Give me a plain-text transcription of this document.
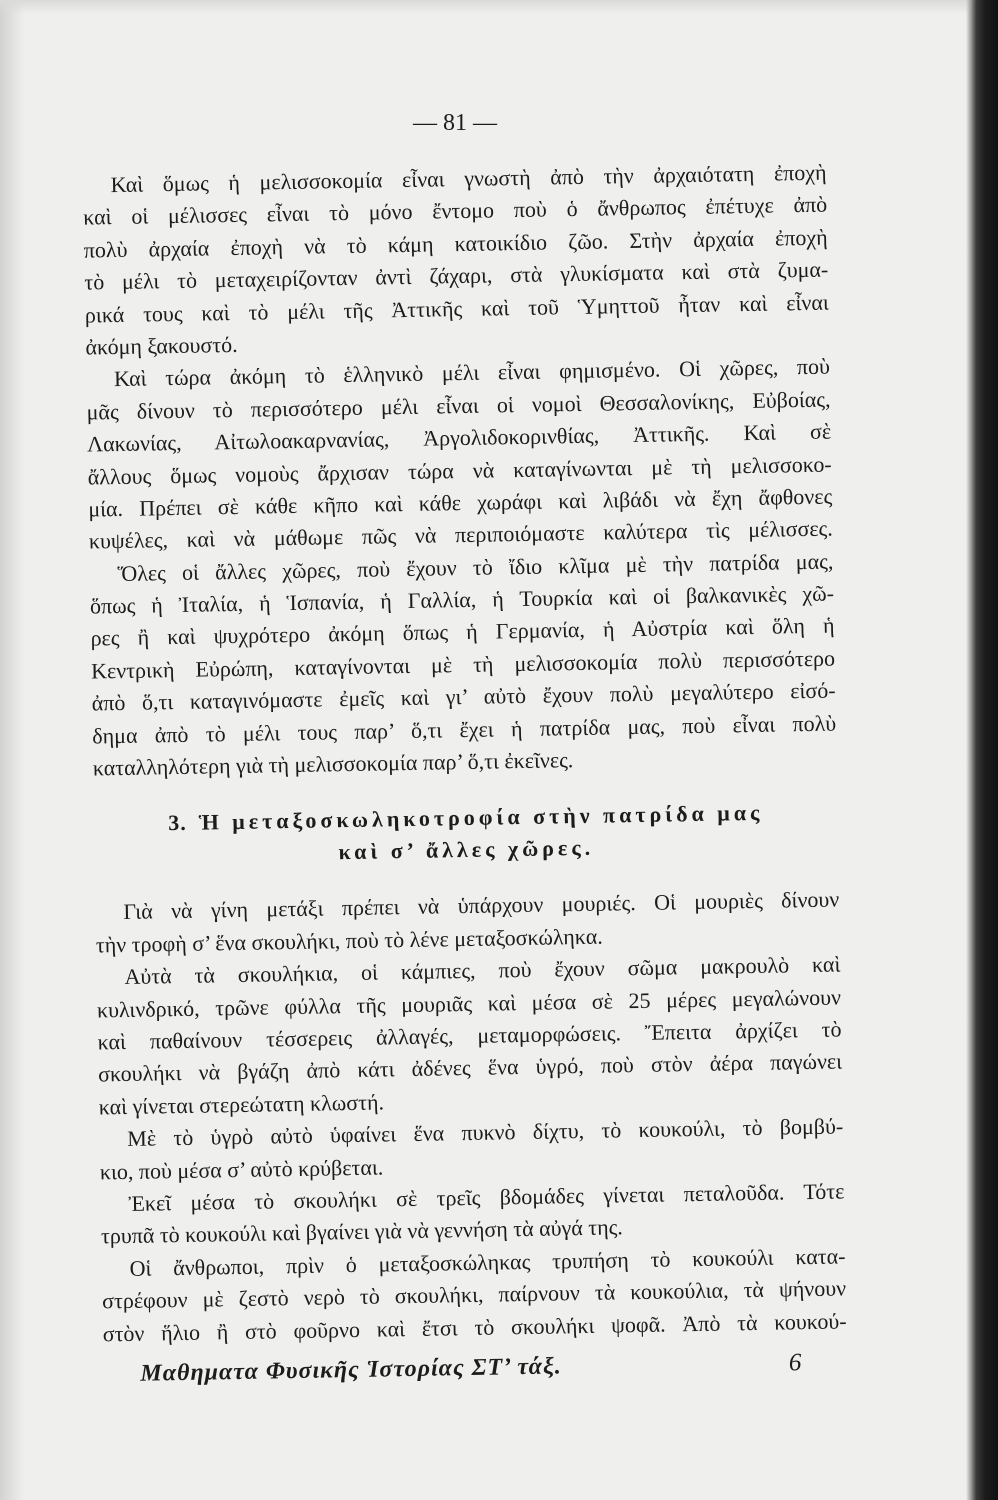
— 81 —
Καὶ ὅμως ἡ μελισσοκομία εἶναι γνωστὴ ἀπὸ τὴν ἀρχαιότατη ἐποχὴ
καὶ οἱ μέλισσες εἶναι τὸ μόνο ἔντομο ποὺ ὁ ἄνθρωπος ἐπέτυχε ἀπὸ
πολὺ ἀρχαία ἐποχὴ νὰ τὸ κάμη κατοικίδιο ζῶο. Στὴν ἀρχαία ἐποχὴ
τὸ μέλι τὸ μεταχειρίζονταν ἀντὶ ζάχαρι, στὰ γλυκίσματα καὶ στὰ ζυμα-
ρικά τους καὶ τὸ μέλι τῆς Ἀττικῆς καὶ τοῦ Ὑμηττοῦ ἦταν καὶ εἶναι
ἀκόμη ξακουστό.
Καὶ τώρα ἀκόμη τὸ ἑλληνικὸ μέλι εἶναι φημισμένο. Οἱ χῶρες, ποὺ
μᾶς δίνουν τὸ περισσότερο μέλι εἶναι οἱ νομοὶ Θεσσαλονίκης, Εὐβοίας,
Λακωνίας, Αἰτωλοακαρνανίας, Ἀργολιδοκορινθίας, Ἀττικῆς. Καὶ σὲ
ἄλλους ὅμως νομοὺς ἄρχισαν τώρα νὰ καταγίνωνται μὲ τὴ μελισσοκο-
μία. Πρέπει σὲ κάθε κῆπο καὶ κάθε χωράφι καὶ λιβάδι νὰ ἔχη ἄφθονες
κυψέλες, καὶ νὰ μάθωμε πῶς νὰ περιποιόμαστε καλύτερα τὶς μέλισσες.
Ὅλες οἱ ἄλλες χῶρες, ποὺ ἔχουν τὸ ἴδιο κλῖμα μὲ τὴν πατρίδα μας,
ὅπως ἡ Ἰταλία, ἡ Ἱσπανία, ἡ Γαλλία, ἡ Τουρκία καὶ οἱ βαλκανικὲς χῶ-
ρες ἢ καὶ ψυχρότερο ἀκόμη ὅπως ἡ Γερμανία, ἡ Αὐστρία καὶ ὅλη ἡ
Κεντρικὴ Εὐρώπη, καταγίνονται μὲ τὴ μελισσοκομία πολὺ περισσότερο
ἀπὸ ὅ,τι καταγινόμαστε ἐμεῖς καὶ γι’ αὐτὸ ἔχουν πολὺ μεγαλύτερο εἰσό-
δημα ἀπὸ τὸ μέλι τους παρ’ ὅ,τι ἔχει ἡ πατρίδα μας, ποὺ εἶναι πολὺ
καταλληλότερη γιὰ τὴ μελισσοκομία παρ’ ὅ,τι ἐκεῖνες.
3. Ἡ μεταξοσκωληκοτροφία στὴν πατρίδα μας
καὶ σ’ ἄλλες χῶρες.
Γιὰ νὰ γίνη μετάξι πρέπει νὰ ὑπάρχουν μουριές. Οἱ μουριὲς δίνουν
τὴν τροφὴ σ’ ἕνα σκουλήκι, ποὺ τὸ λένε μεταξοσκώληκα.
Αὐτὰ τὰ σκουλήκια, οἱ κάμπιες, ποὺ ἔχουν σῶμα μακρουλὸ καὶ
κυλινδρικό, τρῶνε φύλλα τῆς μουριᾶς καὶ μέσα σὲ 25 μέρες μεγαλώνουν
καὶ παθαίνουν τέσσερεις ἀλλαγές, μεταμορφώσεις. Ἔπειτα ἀρχίζει τὸ
σκουλήκι νὰ βγάζη ἀπὸ κάτι ἀδένες ἕνα ὑγρό, ποὺ στὸν ἀέρα παγώνει
καὶ γίνεται στερεώτατη κλωστή.
Μὲ τὸ ὑγρὸ αὐτὸ ὑφαίνει ἕνα πυκνὸ δίχτυ, τὸ κουκούλι, τὸ βομβύ-
κιο, ποὺ μέσα σ’ αὐτὸ κρύβεται.
Ἐκεῖ μέσα τὸ σκουλήκι σὲ τρεῖς βδομάδες γίνεται πεταλοῦδα. Τότε
τρυπᾶ τὸ κουκούλι καὶ βγαίνει γιὰ νὰ γεννήση τὰ αὐγά της.
Οἱ ἄνθρωποι, πρὶν ὁ μεταξοσκώληκας τρυπήση τὸ κουκούλι κατα-
στρέφουν μὲ ζεστὸ νερὸ τὸ σκουλήκι, παίρνουν τὰ κουκούλια, τὰ ψήνουν
στὸν ἥλιο ἢ στὸ φοῦρνο καὶ ἔτσι τὸ σκουλήκι ψοφᾶ. Ἀπὸ τὰ κουκού-
Μαθηματα Φυσικῆς Ἱστορίας ΣΤ’ τάξ.	6
